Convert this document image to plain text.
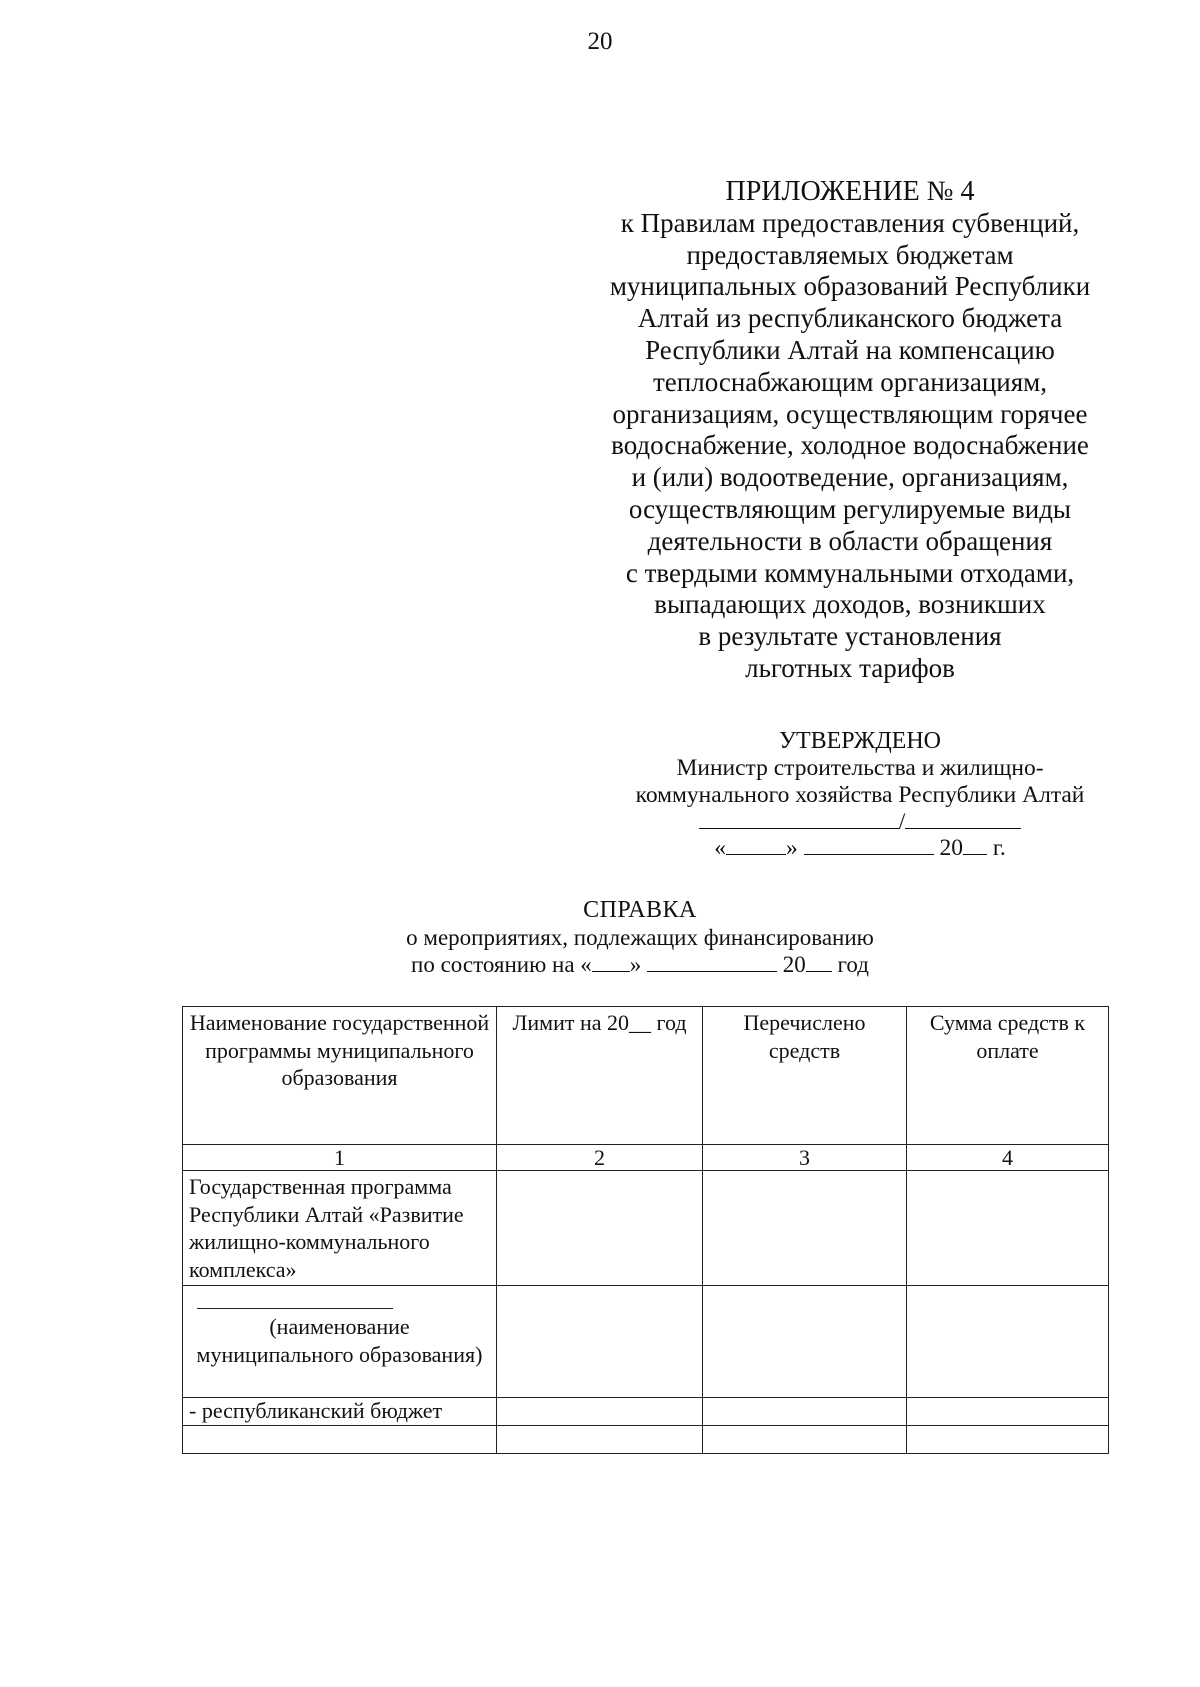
20
ПРИЛОЖЕНИЕ № 4
к Правилам предоставления субвенций,
предоставляемых бюджетам
муниципальных образований Республики
Алтай из республиканского бюджета
Республики Алтай на компенсацию
теплоснабжающим организациям,
организациям, осуществляющим горячее
водоснабжение, холодное водоснабжение
и (или) водоотведение, организациям,
осуществляющим регулируемые виды
деятельности в области обращения
с твердыми коммунальными отходами,
выпадающих доходов, возникших
в результате установления
льготных тарифов
УТВЕРЖДЕНО
Министр строительства и жилищно-
коммунального хозяйства Республики Алтай
/
«	»	20 г.
СПРАВКА
о мероприятиях, подлежащих финансированию
по состоянию на « »	20 год
Наименование государственной программы муниципального образования	Лимит на 20__ год	Перечислено средств	Сумма средств к оплате
1	2	3	4
Государственная программа Республики Алтай «Развитие жилищно-коммунального комплекса»			

(наименование муниципального образования)			
- республиканский бюджет			
